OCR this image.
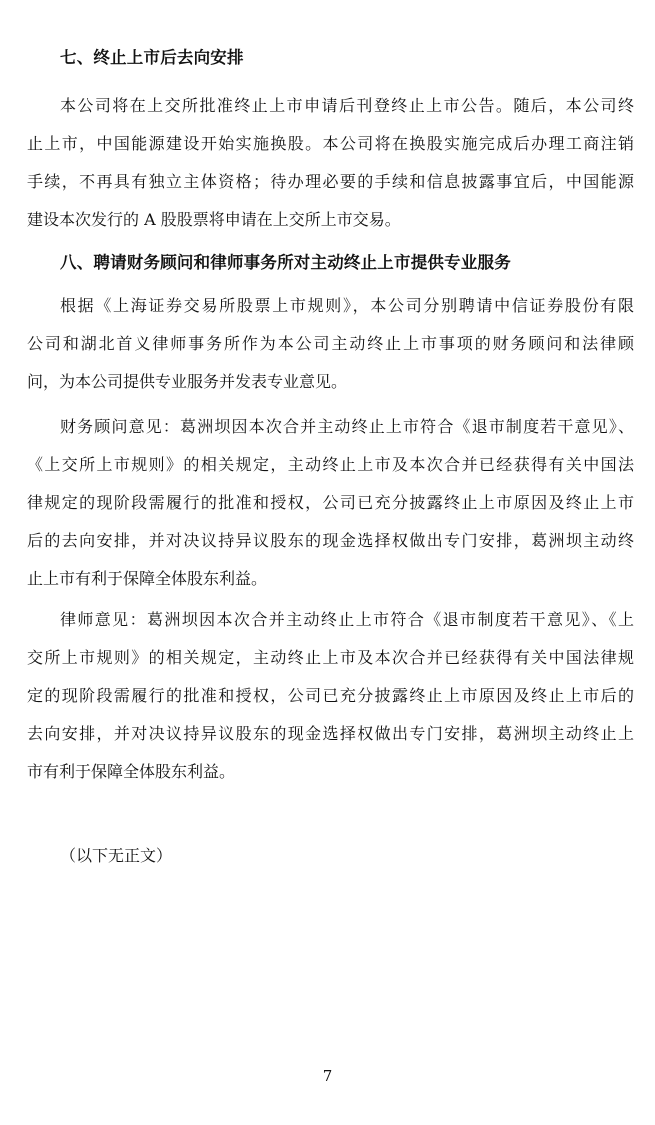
七、终止上市后去向安排
本公司将在上交所批准终止上市申请后刊登终止上市公告。随后，本公司终
止上市，中国能源建设开始实施换股。本公司将在换股实施完成后办理工商注销
手续，不再具有独立主体资格；待办理必要的手续和信息披露事宜后，中国能源
建设本次发行的 A 股股票将申请在上交所上市交易。
八、聘请财务顾问和律师事务所对主动终止上市提供专业服务
根据《上海证券交易所股票上市规则》，本公司分别聘请中信证券股份有限
公司和湖北首义律师事务所作为本公司主动终止上市事项的财务顾问和法律顾
问，为本公司提供专业服务并发表专业意见。
财务顾问意见：葛洲坝因本次合并主动终止上市符合《退市制度若干意见》、
《上交所上市规则》的相关规定，主动终止上市及本次合并已经获得有关中国法
律规定的现阶段需履行的批准和授权，公司已充分披露终止上市原因及终止上市
后的去向安排，并对决议持异议股东的现金选择权做出专门安排，葛洲坝主动终
止上市有利于保障全体股东利益。
律师意见：葛洲坝因本次合并主动终止上市符合《退市制度若干意见》、《上
交所上市规则》的相关规定，主动终止上市及本次合并已经获得有关中国法律规
定的现阶段需履行的批准和授权，公司已充分披露终止上市原因及终止上市后的
去向安排，并对决议持异议股东的现金选择权做出专门安排，葛洲坝主动终止上
市有利于保障全体股东利益。
（以下无正文）
7
